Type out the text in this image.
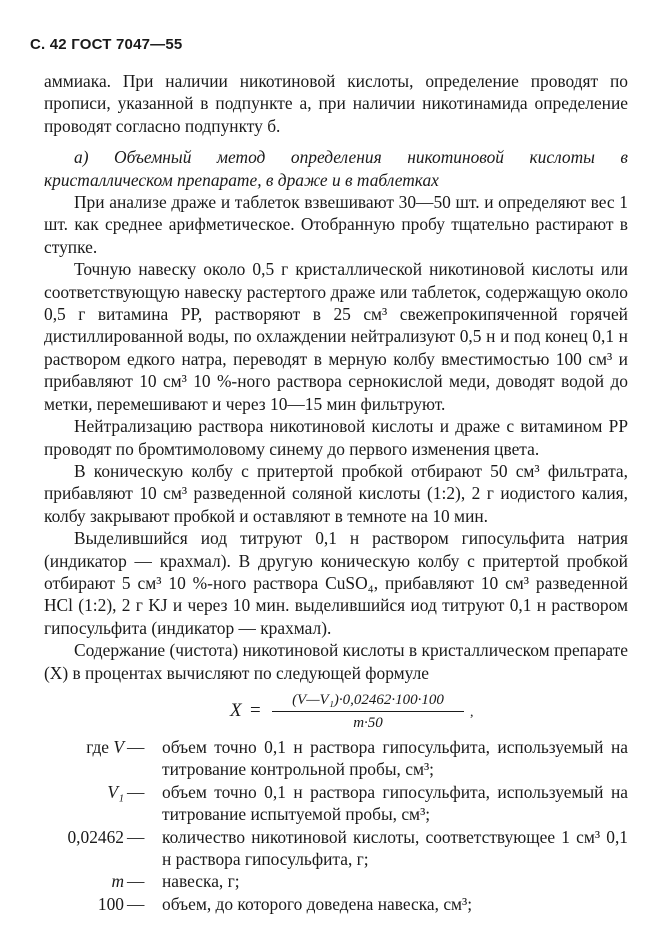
С. 42 ГОСТ 7047—55

аммиака. При наличии никотиновой кислоты, определение проводят по прописи, указанной в подпункте а, при наличии никотинамида определение проводят согласно подпункту б.

а) Объемный метод определения никотиновой кислоты в кристаллическом препарате, в драже и в таблетках

При анализе драже и таблеток взвешивают 30—50 шт. и определяют вес 1 шт. как среднее арифметическое. Отобранную пробу тщательно растирают в ступке.

Точную навеску около 0,5 г кристаллической никотиновой кислоты или соответствующую навеску растертого драже или таблеток, содержащую около 0,5 г витамина РР, растворяют в 25 см³ свежепрокипяченной горячей дистиллированной воды, по охлаждении нейтрализуют 0,5 н и под конец 0,1 н раствором едкого натра, переводят в мерную колбу вместимостью 100 см³ и прибавляют 10 см³ 10 %-ного раствора сернокислой меди, доводят водой до метки, перемешивают и через 10—15 мин фильтруют.

Нейтрализацию раствора никотиновой кислоты и драже с витамином РР проводят по бромтимоловому синему до первого изменения цвета.

В коническую колбу с притертой пробкой отбирают 50 см³ фильтрата, прибавляют 10 см³ разведенной соляной кислоты (1:2), 2 г иодистого калия, колбу закрывают пробкой и оставляют в темноте на 10 мин.

Выделившийся иод титруют 0,1 н раствором гипосульфита натрия (индикатор — крахмал). В другую коническую колбу с притертой пробкой отбирают 5 см³ 10 %-ного раствора CuSO₄, прибавляют 10 см³ разведенной HCl (1:2), 2 г KJ и через 10 мин. выделившийся иод титруют 0,1 н раствором гипосульфита (индикатор — крахмал).

Содержание (чистота) никотиновой кислоты в кристаллическом препарате (X) в процентах вычисляют по следующей формуле

$X = \frac{\text{(V—V₁)·0,02462·100·100}}{m\cdot 50}$ ,
где V — объем точно 0,1 н раствора гипосульфита, используемый на титрование контрольной пробы, см³;
V₁ — объем точно 0,1 н раствора гипосульфита, используемый на титрование испытуемой пробы, см³;
0,02462 — количество никотиновой кислоты, соответствующее 1 см³ 0,1 н раствора гипосульфита, г;
m — навеска, г;
100 — объем, до которого доведена навеска, см³;
